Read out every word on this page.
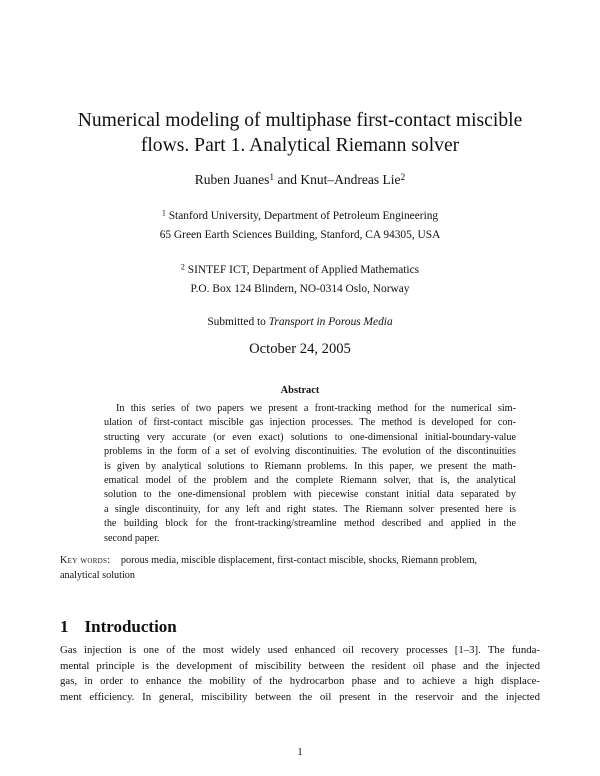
Numerical modeling of multiphase first-contact miscible
flows. Part 1. Analytical Riemann solver
Ruben Juanes$^1$ and Knut–Andreas Lie$^2$
$^1$ Stanford University, Department of Petroleum Engineering
65 Green Earth Sciences Building, Stanford, CA 94305, USA
$^2$ SINTEF ICT, Department of Applied Mathematics
P.O. Box 124 Blindern, NO-0314 Oslo, Norway
Submitted to Transport in Porous Media
October 24, 2005
Abstract
In this series of two papers we present a front-tracking method for the numerical sim-
ulation of first-contact miscible gas injection processes. The method is developed for con-
structing very accurate (or even exact) solutions to one-dimensional initial-boundary-value
problems in the form of a set of evolving discontinuities. The evolution of the discontinuities
is given by analytical solutions to Riemann problems. In this paper, we present the math-
ematical model of the problem and the complete Riemann solver, that is, the analytical
solution to the one-dimensional problem with piecewise constant initial data separated by
a single discontinuity, for any left and right states. The Riemann solver presented here is
the building block for the front-tracking/streamline method described and applied in the
second paper.
Key words: porous media, miscible displacement, first-contact miscible, shocks, Riemann problem,
analytical solution
1 Introduction
Gas injection is one of the most widely used enhanced oil recovery processes [1–3]. The funda-
mental principle is the development of miscibility between the resident oil phase and the injected
gas, in order to enhance the mobility of the hydrocarbon phase and to achieve a high displace-
ment efficiency. In general, miscibility between the oil present in the reservoir and the injected
1
